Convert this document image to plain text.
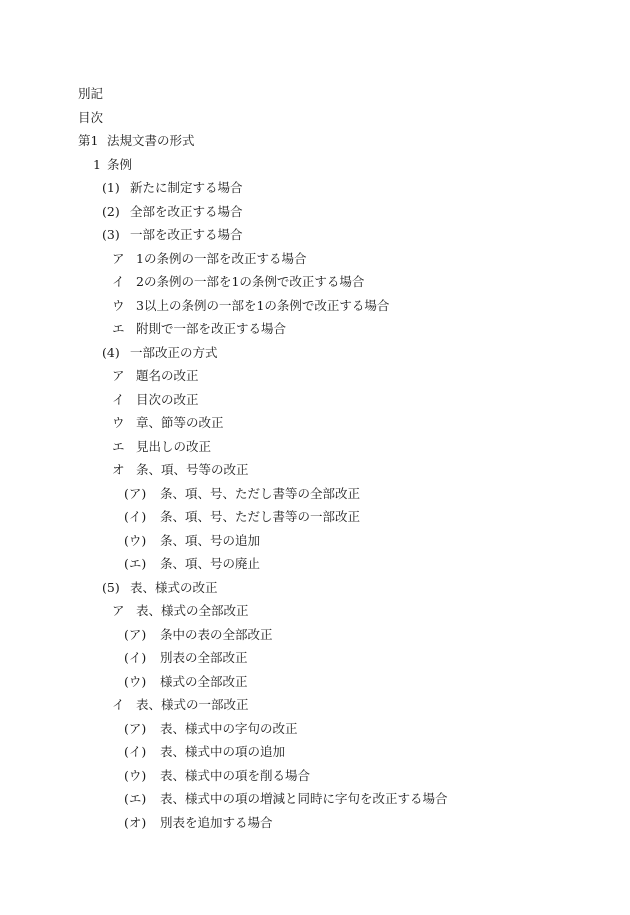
別記
目次
第1 法規文書の形式
1 条例
(1) 新たに制定する場合
(2) 全部を改正する場合
(3) 一部を改正する場合
ア 1の条例の一部を改正する場合
イ 2の条例の一部を1の条例で改正する場合
ウ 3以上の条例の一部を1の条例で改正する場合
エ 附則で一部を改正する場合
(4) 一部改正の方式
ア 題名の改正
イ 目次の改正
ウ 章、節等の改正
エ 見出しの改正
オ 条、項、号等の改正
(ア) 条、項、号、ただし書等の全部改正
(イ) 条、項、号、ただし書等の一部改正
(ウ) 条、項、号の追加
(エ) 条、項、号の廃止
(5) 表、様式の改正
ア 表、様式の全部改正
(ア) 条中の表の全部改正
(イ) 別表の全部改正
(ウ) 様式の全部改正
イ 表、様式の一部改正
(ア) 表、様式中の字句の改正
(イ) 表、様式中の項の追加
(ウ) 表、様式中の項を削る場合
(エ) 表、様式中の項の増減と同時に字句を改正する場合
(オ) 別表を追加する場合
